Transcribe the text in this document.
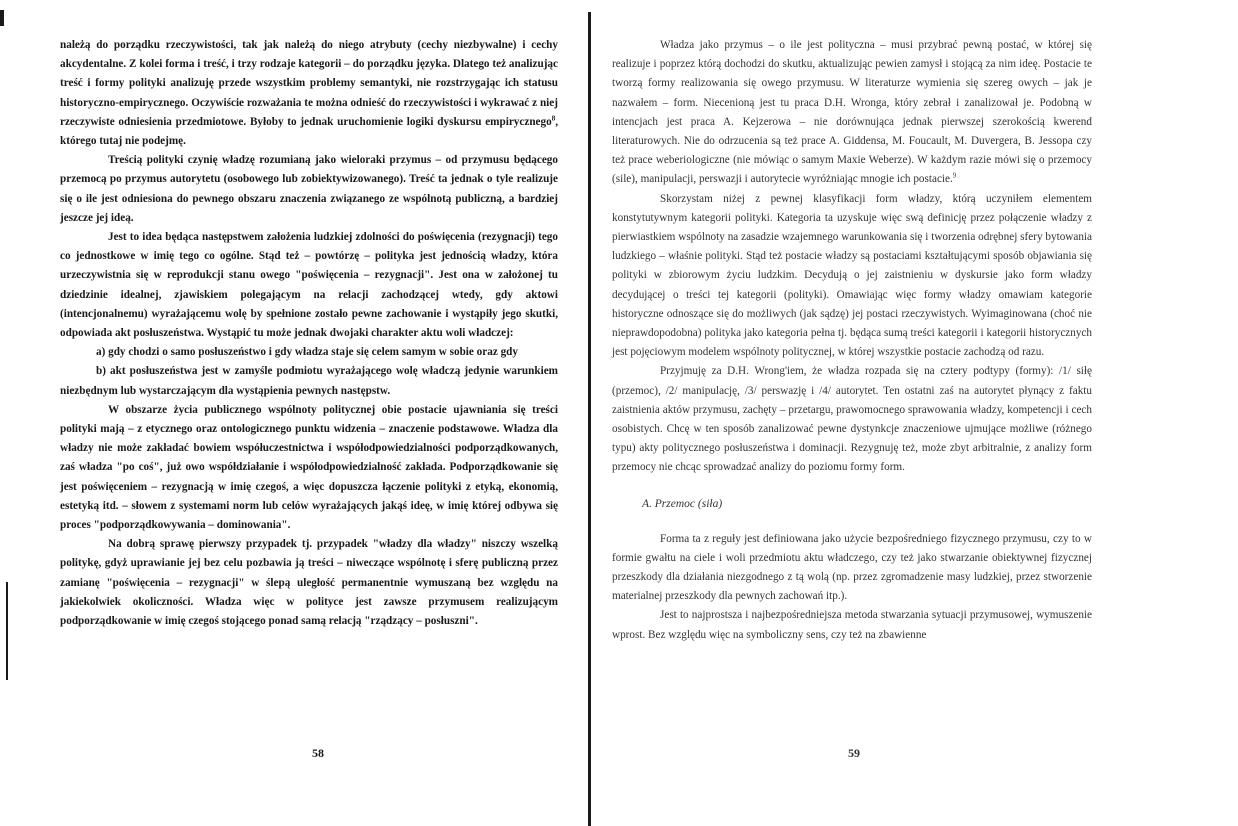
należą do porządku rzeczywistości, tak jak należą do niego atrybuty (cechy niezbywalne) i cechy akcydentalne. Z kolei forma i treść, i trzy rodzaje kategorii – do porządku języka. Dlatego też analizując treść i formy polityki analizuję przede wszystkim problemy semantyki, nie rozstrzygając ich statusu historyczno-empirycznego. Oczywiście rozważania te można odnieść do rzeczywistości i wykrawać z niej rzeczywiste odniesienia przedmiotowe. Byłoby to jednak uruchomienie logiki dyskursu empirycznego$^8$, którego tutaj nie podejmę.

Treścią polityki czynię władzę rozumianą jako wieloraki przymus – od przymusu będącego przemocą po przymus autorytetu (osobowego lub zobiektywizowanego). Treść ta jednak o tyle realizuje się o ile jest odniesiona do pewnego obszaru znaczenia związanego ze wspólnotą publiczną, a bardziej jeszcze jej ideą.

Jest to idea będąca następstwem założenia ludzkiej zdolności do poświęcenia (rezygnacji) tego co jednostkowe w imię tego co ogólne. Stąd też – powtórzę – polityka jest jednością władzy, która urzeczywistnia się w reprodukcji stanu owego "poświęcenia – rezygnacji". Jest ona w założonej tu dziedzinie idealnej, zjawiskiem polegającym na relacji zachodzącej wtedy, gdy aktowi (intencjonalnemu) wyrażającemu wolę by spełnione zostało pewne zachowanie i wystąpiły jego skutki, odpowiada akt posłuszeństwa. Wystąpić tu może jednak dwojaki charakter aktu woli władczej:

a) gdy chodzi o samo posłuszeństwo i gdy władza staje się celem samym w sobie oraz gdy

b) akt posłuszeństwa jest w zamyśle podmiotu wyrażającego wolę władczą jedynie warunkiem niezbędnym lub wystarczającym dla wystąpienia pewnych następstw.

W obszarze życia publicznego wspólnoty politycznej obie postacie ujawniania się treści polityki mają – z etycznego oraz ontologicznego punktu widzenia – znaczenie podstawowe. Władza dla władzy nie może zakładać bowiem współuczestnictwa i współodpowiedzialności podporządkowanych, zaś władza "po coś", już owo współdziałanie i współodpowiedzialność zakłada. Podporządkowanie się jest poświęceniem – rezygnacją w imię czegoś, a więc dopuszcza łączenie polityki z etyką, ekonomią, estetyką itd. – słowem z systemami norm lub celów wyrażających jakąś ideę, w imię której odbywa się proces "podporządkowywania – dominowania".

Na dobrą sprawę pierwszy przypadek tj. przypadek "władzy dla władzy" niszczy wszelką politykę, gdyż uprawianie jej bez celu pozbawia ją treści – niweczące wspólnotę i sferę publiczną przez zamianę "poświęcenia – rezygnacji" w ślepą uległość permanentnie wymuszaną bez względu na jakiekolwiek okoliczności. Władza więc w polityce jest zawsze przymusem realizującym podporządkowanie w imię czegoś stojącego ponad samą relacją "rządzący – posłuszni".

58

Władza jako przymus – o ile jest polityczna – musi przybrać pewną postać, w której się realizuje i poprzez którą dochodzi do skutku, aktualizując pewien zamysł i stojącą za nim ideę. Postacie te tworzą formy realizowania się owego przymusu. W literaturze wymienia się szereg owych – jak je nazwałem – form. Niecenioną jest tu praca D.H. Wronga, który zebrał i zanalizował je. Podobną w intencjach jest praca A. Kejzerowa – nie dorównująca jednak pierwszej szerokością kwerend literaturowych. Nie do odrzucenia są też prace A. Giddensa, M. Foucault, M. Duvergera, B. Jessopa czy też prace weberiologiczne (nie mówiąc o samym Maxie Weberze). W każdym razie mówi się o przemocy (sile), manipulacji, perswazji i autorytecie wyróżniając mnogie ich postacie.$^9$

Skorzystam niżej z pewnej klasyfikacji form władzy, którą uczyniłem elementem konstytutywnym kategorii polityki. Kategoria ta uzyskuje więc swą definicję przez połączenie władzy z pierwiastkiem wspólnoty na zasadzie wzajemnego warunkowania się i tworzenia odrębnej sfery bytowania ludzkiego – właśnie polityki. Stąd też postacie władzy są postaciami kształtującymi sposób objawiania się polityki w zbiorowym życiu ludzkim. Decydują o jej zaistnieniu w dyskursie jako form władzy decydującej o treści tej kategorii (polityki). Omawiając więc formy władzy omawiam kategorie historyczne odnoszące się do możliwych (jak sądzę) jej postaci rzeczywistych. Wyimaginowana (choć nie nieprawdopodobna) polityka jako kategoria pełna tj. będąca sumą treści kategorii i kategorii historycznych jest pojęciowym modelem wspólnoty politycznej, w której wszystkie postacie zachodzą od razu.

Przyjmuję za D.H. Wrong'iem, że władza rozpada się na cztery podtypy (formy): /1/ siłę (przemoc), /2/ manipulację, /3/ perswazję i /4/ autorytet. Ten ostatni zaś na autorytet płynący z faktu zaistnienia aktów przymusu, zachęty – przetargu, prawomocnego sprawowania władzy, kompetencji i cech osobistych. Chcę w ten sposób zanalizować pewne dystynkcje znaczeniowe ujmujące możliwe (różnego typu) akty politycznego posłuszeństwa i dominacji. Rezygnuję też, może zbyt arbitralnie, z analizy form przemocy nie chcąc sprowadzać analizy do poziomu formy form.

A. Przemoc (siła)

Forma ta z reguły jest definiowana jako użycie bezpośredniego fizycznego przymusu, czy to w formie gwałtu na ciele i woli przedmiotu aktu władczego, czy też jako stwarzanie obiektywnej fizycznej przeszkody dla działania niezgodnego z tą wolą (np. przez zgromadzenie masy ludzkiej, przez stworzenie materialnej przeszkody dla pewnych zachowań itp.).

Jest to najprostsza i najbezpośredniejsza metoda stwarzania sytuacji przymusowej, wymuszenie wprost. Bez względu więc na symboliczny sens, czy też na zbawienne

59
